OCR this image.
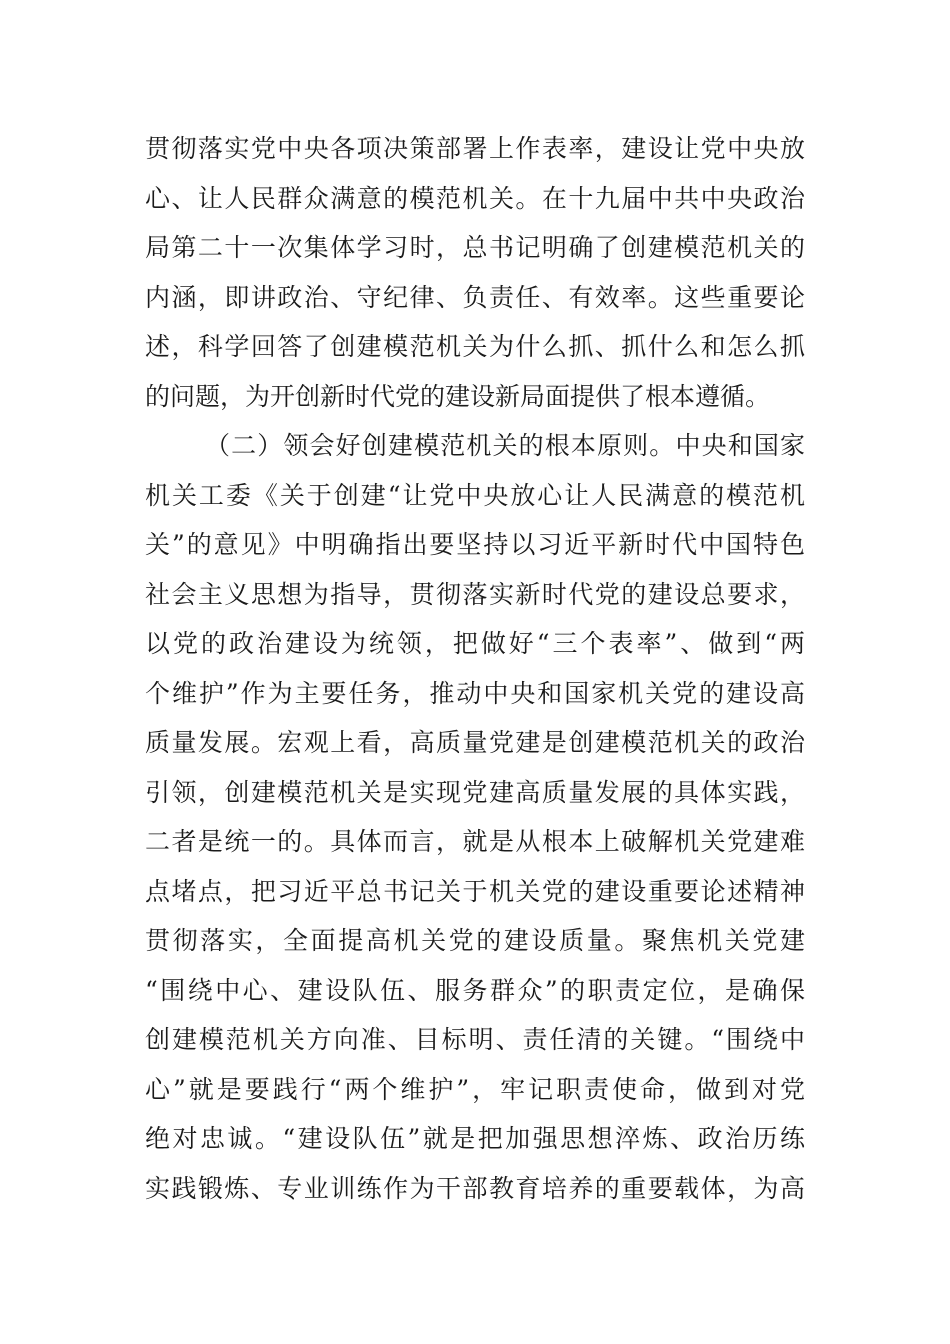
贯彻落实党中央各项决策部署上作表率，建设让党中央放
心、让人民群众满意的模范机关。在十九届中共中央政治
局第二十一次集体学习时，总书记明确了创建模范机关的
内涵，即讲政治、守纪律、负责任、有效率。这些重要论
述，科学回答了创建模范机关为什么抓、抓什么和怎么抓
的问题，为开创新时代党的建设新局面提供了根本遵循。
（二）领会好创建模范机关的根本原则。中央和国家
机关工委《关于创建“让党中央放心让人民满意的模范机
关”的意见》中明确指出要坚持以习近平新时代中国特色
社会主义思想为指导，贯彻落实新时代党的建设总要求，
以党的政治建设为统领，把做好“三个表率”、做到“两
个维护”作为主要任务，推动中央和国家机关党的建设高
质量发展。宏观上看，高质量党建是创建模范机关的政治
引领，创建模范机关是实现党建高质量发展的具体实践，
二者是统一的。具体而言，就是从根本上破解机关党建难
点堵点，把习近平总书记关于机关党的建设重要论述精神
贯彻落实，全面提高机关党的建设质量。聚焦机关党建
“围绕中心、建设队伍、服务群众”的职责定位，是确保
创建模范机关方向准、目标明、责任清的关键。“围绕中
心”就是要践行“两个维护”，牢记职责使命，做到对党
绝对忠诚。“建设队伍”就是把加强思想淬炼、政治历练
实践锻炼、专业训练作为干部教育培养的重要载体，为高
